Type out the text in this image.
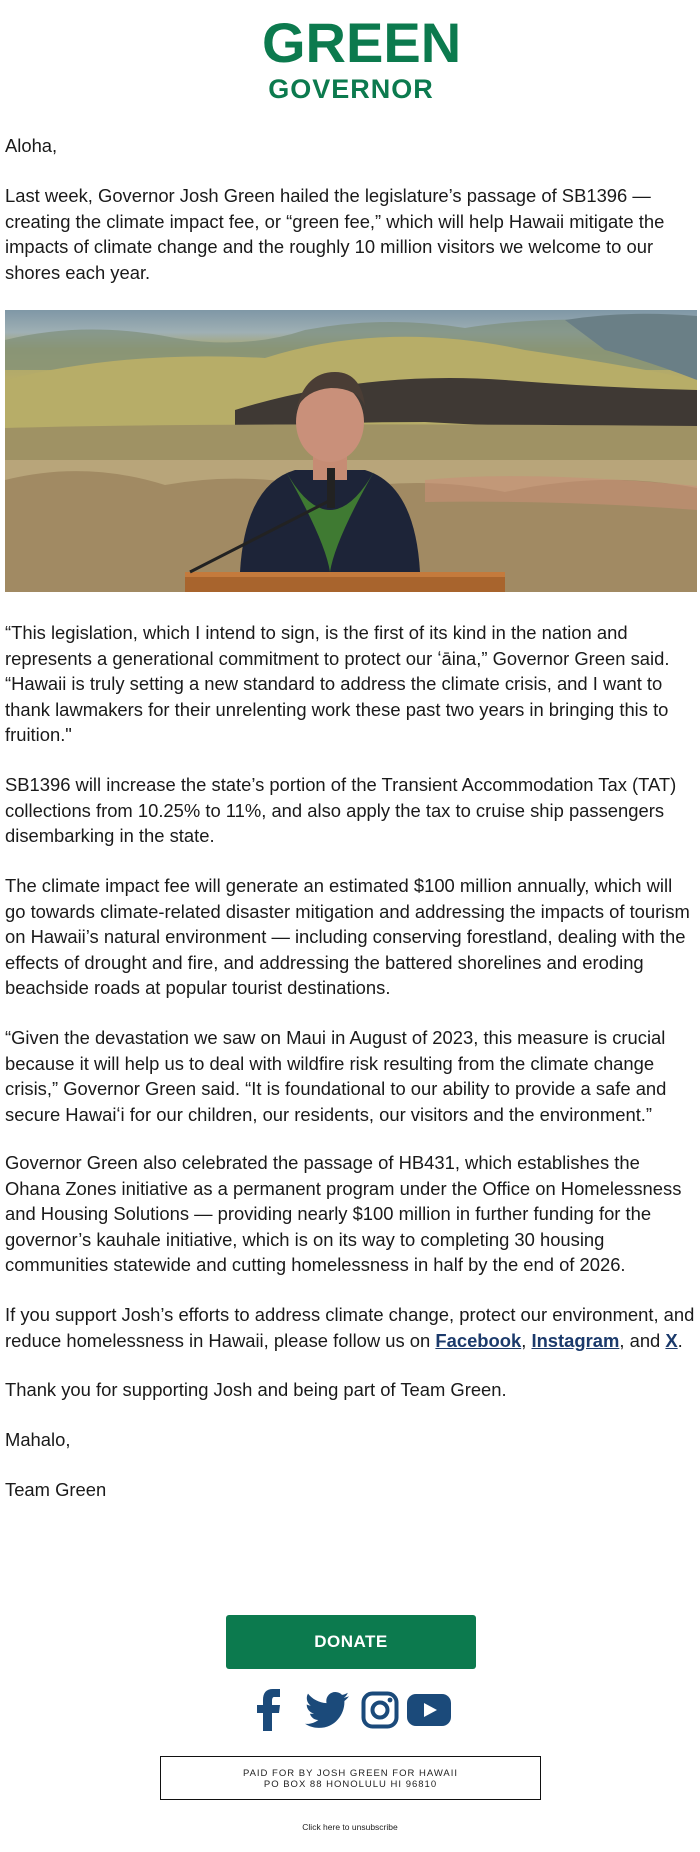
GREEN
GOVERNOR

Aloha,

Last week, Governor Josh Green hailed the legislature’s passage of SB1396 — creating the climate impact fee, or “green fee,” which will help Hawaii mitigate the impacts of climate change and the roughly 10 million visitors we welcome to our shores each year.

“This legislation, which I intend to sign, is the first of its kind in the nation and represents a generational commitment to protect our ʻāina,” Governor Green said. “Hawaii is truly setting a new standard to address the climate crisis, and I want to thank lawmakers for their unrelenting work these past two years in bringing this to fruition."

SB1396 will increase the state’s portion of the Transient Accommodation Tax (TAT) collections from 10.25% to 11%, and also apply the tax to cruise ship passengers disembarking in the state.

The climate impact fee will generate an estimated $100 million annually, which will go towards climate-related disaster mitigation and addressing the impacts of tourism on Hawaii’s natural environment — including conserving forestland, dealing with the effects of drought and fire, and addressing the battered shorelines and eroding beachside roads at popular tourist destinations.

“Given the devastation we saw on Maui in August of 2023, this measure is crucial because it will help us to deal with wildfire risk resulting from the climate change crisis,” Governor Green said. “It is foundational to our ability to provide a safe and secure Hawaiʻi for our children, our residents, our visitors and the environment.”

Governor Green also celebrated the passage of HB431, which establishes the Ohana Zones initiative as a permanent program under the Office on Homelessness and Housing Solutions — providing nearly $100 million in further funding for the governor’s kauhale initiative, which is on its way to completing 30 housing communities statewide and cutting homelessness in half by the end of 2026.

If you support Josh’s efforts to address climate change, protect our environment, and reduce homelessness in Hawaii, please follow us on Facebook, Instagram, and X.

Thank you for supporting Josh and being part of Team Green.

Mahalo,

Team Green

DONATE
PAID FOR BY JOSH GREEN FOR HAWAII
PO BOX 88 HONOLULU HI 96810
Click here to unsubscribe
